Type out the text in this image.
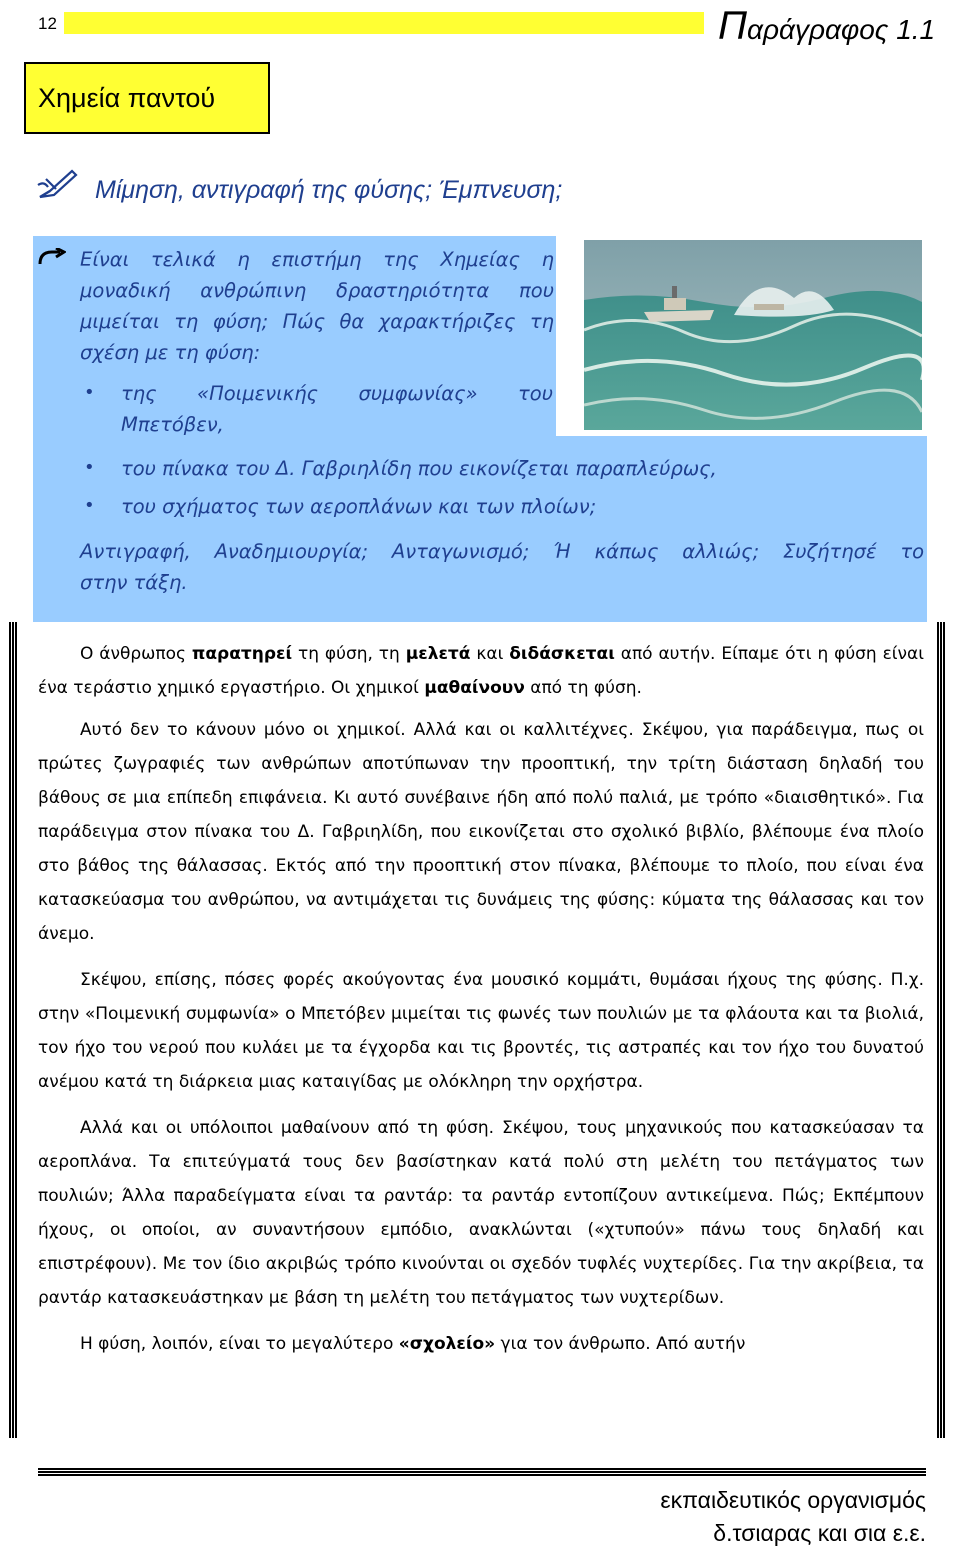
12	Παράγραφος 1.1
Χημεία παντού
Μίμηση, αντιγραφή της φύσης; Έμπνευση;
Είναι τελικά η επιστήμη της Χημείας η μοναδική ανθρώπινη δραστηριότητα που μιμείται τη φύση; Πώς θα χαρακτήριζες τη σχέση με τη φύση:
• της «Ποιμενικής συμφωνίας» του
Μπετόβεν,
• του πίνακα του Δ. Γαβριηλίδη που εικονίζεται παραπλεύρως,
• του σχήματος των αεροπλάνων και των πλοίων;
Αντιγραφή, Αναδημιουργία; Ανταγωνισμό; Ή κάπως αλλιώς; Συζήτησέ το
στην τάξη.

Ο άνθρωπος παρατηρεί τη φύση, τη μελετά και διδάσκεται από αυτήν. Είπαμε ότι η φύση είναι ένα τεράστιο χημικό εργαστήριο. Οι χημικοί μαθαίνουν από τη φύση.

Αυτό δεν το κάνουν μόνο οι χημικοί. Αλλά και οι καλλιτέχνες. Σκέψου, για παράδειγμα, πως οι πρώτες ζωγραφιές των ανθρώπων αποτύπωναν την προοπτική, την τρίτη διάσταση δηλαδή του βάθους σε μια επίπεδη επιφάνεια. Κι αυτό συνέβαινε ήδη από πολύ παλιά, με τρόπο «διαισθητικό». Για παράδειγμα στον πίνακα του Δ. Γαβριηλίδη, που εικονίζεται στο σχολικό βιβλίο, βλέπουμε ένα πλοίο στο βάθος της θάλασσας. Εκτός από την προοπτική στον πίνακα, βλέπουμε το πλοίο, που είναι ένα κατασκεύασμα του ανθρώπου, να αντιμάχεται τις δυνάμεις της φύσης: κύματα της θάλασσας και τον άνεμο.

Σκέψου, επίσης, πόσες φορές ακούγοντας ένα μουσικό κομμάτι, θυμάσαι ήχους της φύσης. Π.χ. στην «Ποιμενική συμφωνία» ο Μπετόβεν μιμείται τις φωνές των πουλιών με τα φλάουτα και τα βιολιά, τον ήχο του νερού που κυλάει με τα έγχορδα και τις βροντές, τις αστραπές και τον ήχο του δυνατού ανέμου κατά τη διάρκεια μιας καταιγίδας με ολόκληρη την ορχήστρα.

Αλλά και οι υπόλοιποι μαθαίνουν από τη φύση. Σκέψου, τους μηχανικούς που κατασκεύασαν τα αεροπλάνα. Τα επιτεύγματά τους δεν βασίστηκαν κατά πολύ στη μελέτη του πετάγματος των πουλιών; Άλλα παραδείγματα είναι τα ραντάρ: τα ραντάρ εντοπίζουν αντικείμενα. Πώς; Εκπέμπουν ήχους, οι οποίοι, αν συναντήσουν εμπόδιο, ανακλώνται («χτυπούν» πάνω τους δηλαδή και επιστρέφουν). Με τον ίδιο ακριβώς τρόπο κινούνται οι σχεδόν τυφλές νυχτερίδες. Για την ακρίβεια, τα ραντάρ κατασκευάστηκαν με βάση τη μελέτη του πετάγματος των νυχτερίδων.

Η φύση, λοιπόν, είναι το μεγαλύτερο «σχολείο» για τον άνθρωπο. Από αυτήν

εκπαιδευτικός οργανισμός
δ.τσιαρας και σια ε.ε.
